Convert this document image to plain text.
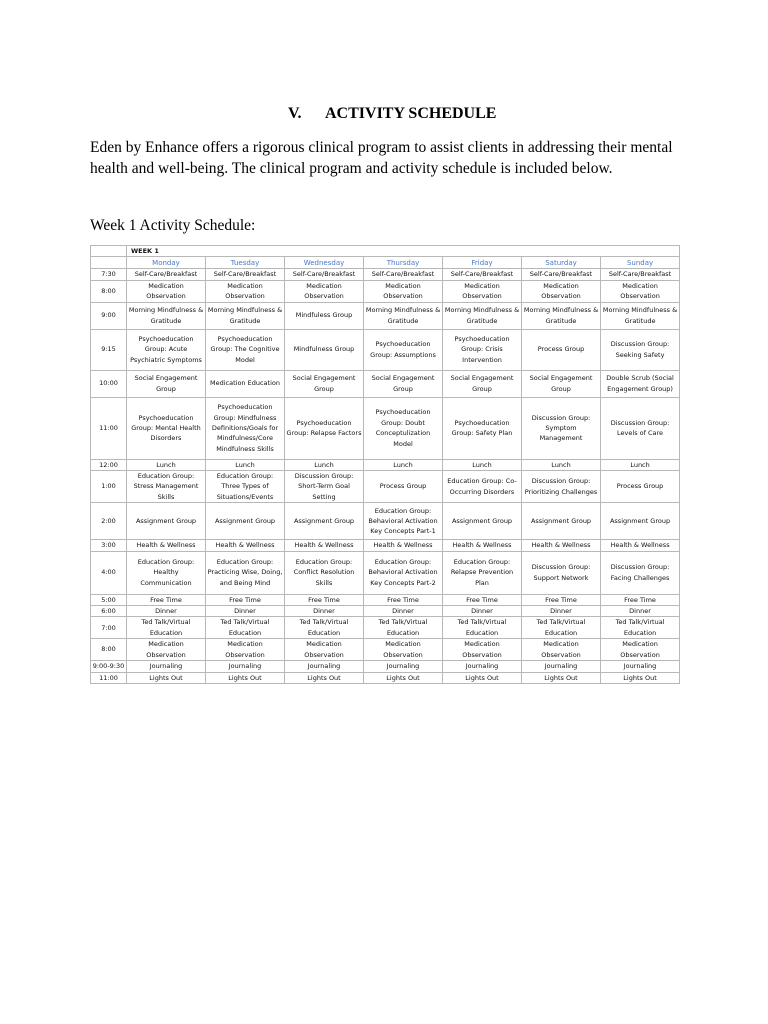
V. ACTIVITY SCHEDULE

Eden by Enhance offers a rigorous clinical program to assist clients in addressing their mental health and well-being. The clinical program and activity schedule is included below.

Week 1 Activity Schedule:
	WEEK 1						
	Monday	Tuesday	Wednesday	Thursday	Friday	Saturday	Sunday
7:30	Self-Care/Breakfast	Self-Care/Breakfast	Self-Care/Breakfast	Self-Care/Breakfast	Self-Care/Breakfast	Self-Care/Breakfast	Self-Care/Breakfast
8:00	Medication Observation	Medication Observation	Medication Observation	Medication Observation	Medication Observation	Medication Observation	Medication Observation
9:00	Morning Mindfulness & Gratitude	Morning Mindfulness & Gratitude	Mindfuless Group	Morning Mindfulness & Gratitude	Morning Mindfulness & Gratitude	Morning Mindfulness & Gratitude	Morning Mindfulness & Gratitude
9:15	Psychoeducation Group: Acute Psychiatric Symptoms	Psychoeducation Group: The Cognitive Model	Mindfulness Group	Psychoeducation Group: Assumptions	Psychoeducation Group: Crisis Intervention	Process Group	Discussion Group: Seeking Safety
10:00	Social Engagement Group	Medication Education	Social Engagement Group	Social Engagement Group	Social Engagement Group	Social Engagement Group	Double Scrub (Social Engagement Group)
11:00	Psychoeducation Group: Mental Health Disorders	Psychoeducation Group: Mindfulness Definitions/Goals for Mindfulness/Core Mindfulness Skills	Psychoeducation Group: Relapse Factors	Psychoeducation Group: Doubt Conceptulization Model	Psychoeducation Group: Safety Plan	Discussion Group: Symptom Management	Discussion Group: Levels of Care
12:00	Lunch	Lunch	Lunch	Lunch	Lunch	Lunch	Lunch
1:00	Education Group: Stress Management Skills	Education Group: Three Types of Situations/Events	Discussion Group: Short-Term Goal Setting	Process Group	Education Group: Co-Occurring Disorders	Discussion Group: Prioritizing Challenges	Process Group
2:00	Assignment Group	Assignment Group	Assignment Group	Education Group: Behavioral Activation Key Concepts Part-1	Assignment Group	Assignment Group	Assignment Group
3:00	Health & Wellness	Health & Wellness	Health & Wellness	Health & Wellness	Health & Wellness	Health & Wellness	Health & Wellness
4:00	Education Group: Healthy Communication	Education Group: Practicing Wise, Doing, and Being Mind	Education Group: Conflict Resolution Skills	Education Group: Behavioral Activation Key Concepts Part-2	Education Group: Relapse Prevention Plan	Discussion Group: Support Network	Discussion Group: Facing Challenges
5:00	Free Time	Free Time	Free Time	Free Time	Free Time	Free Time	Free Time
6:00	Dinner	Dinner	Dinner	Dinner	Dinner	Dinner	Dinner
7:00	Ted Talk/Virtual Education	Ted Talk/Virtual Education	Ted Talk/Virtual Education	Ted Talk/Virtual Education	Ted Talk/Virtual Education	Ted Talk/Virtual Education	Ted Talk/Virtual Education
8:00	Medication Observation	Medication Observation	Medication Observation	Medication Observation	Medication Observation	Medication Observation	Medication Observation
9:00-9:30	Journaling	Journaling	Journaling	Journaling	Journaling	Journaling	Journaling
11:00	Lights Out	Lights Out	Lights Out	Lights Out	Lights Out	Lights Out	Lights Out
